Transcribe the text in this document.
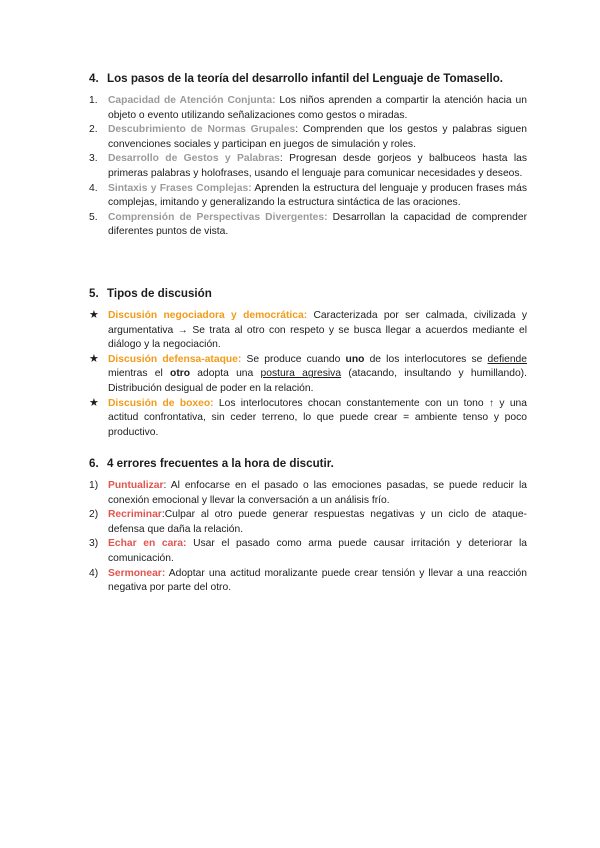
4. Los pasos de la teoría del desarrollo infantil del Lenguaje de Tomasello.
1. Capacidad de Atención Conjunta: Los niños aprenden a compartir la atención hacia un objeto o evento utilizando señalizaciones como gestos o miradas.
2. Descubrimiento de Normas Grupales: Comprenden que los gestos y palabras siguen convenciones sociales y participan en juegos de simulación y roles.
3. Desarrollo de Gestos y Palabras: Progresan desde gorjeos y balbuceos hasta las primeras palabras y holofrases, usando el lenguaje para comunicar necesidades y deseos.
4. Sintaxis y Frases Complejas: Aprenden la estructura del lenguaje y producen frases más complejas, imitando y generalizando la estructura sintáctica de las oraciones.
5. Comprensión de Perspectivas Divergentes: Desarrollan la capacidad de comprender diferentes puntos de vista.
5. Tipos de discusión
★ Discusión negociadora y democrática: Caracterizada por ser calmada, civilizada y argumentativa → Se trata al otro con respeto y se busca llegar a acuerdos mediante el diálogo y la negociación.
★ Discusión defensa-ataque: Se produce cuando uno de los interlocutores se defiende mientras el otro adopta una postura agresiva (atacando, insultando y humillando). Distribución desigual de poder en la relación.
★ Discusión de boxeo: Los interlocutores chocan constantemente con un tono ↑ y una actitud confrontativa, sin ceder terreno, lo que puede crear = ambiente tenso y poco productivo.
6. 4 errores frecuentes a la hora de discutir.
1) Puntualizar: Al enfocarse en el pasado o las emociones pasadas, se puede reducir la conexión emocional y llevar la conversación a un análisis frío.
2) Recriminar:Culpar al otro puede generar respuestas negativas y un ciclo de ataque-defensa que daña la relación.
3) Echar en cara: Usar el pasado como arma puede causar irritación y deteriorar la comunicación.
4) Sermonear: Adoptar una actitud moralizante puede crear tensión y llevar a una reacción negativa por parte del otro.
